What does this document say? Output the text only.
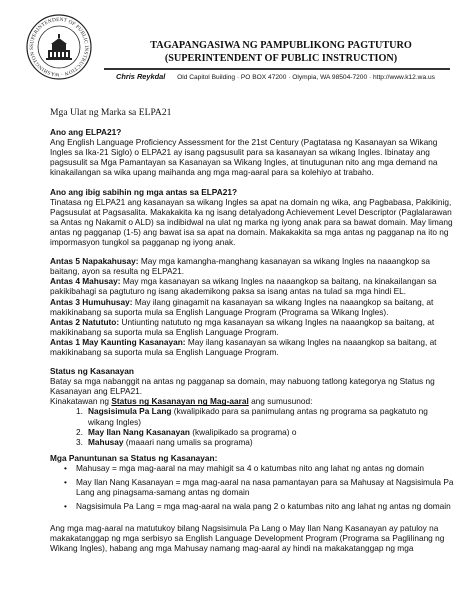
SUPERINTENDENT OF PUBLIC INSTRUCTION · WASHINGTON S	TAGAPANGASIWA NG PAMPUBLIKONG PAGTUTURO
(SUPERINTENDENT OF PUBLIC INSTRUCTION)
Chris Reykdal Old Capitol Building · PO BOX 47200 · Olympia, WA 98504-7200 · http://www.k12.wa.us
Mga Ulat ng Marka sa ELPA21
Ano ang ELPA21?

Ang English Language Proficiency Assessment for the 21st Century (Pagtatasa ng Kasanayan sa Wikang Ingles sa Ika-21 Siglo) o ELPA21 ay isang pagsusulit para sa kasanayan sa wikang Ingles. Ibinatay ang pagsusulit sa Mga Pamantayan sa Kasanayan sa Wikang Ingles, at tinutugunan nito ang mga demand na kinakailangan sa wika upang maihanda ang mga mag-aaral para sa kolehiyo at trabaho.

Ano ang ibig sabihin ng mga antas sa ELPA21?

Tinatasa ng ELPA21 ang kasanayan sa wikang Ingles sa apat na domain ng wika, ang Pagbabasa, Pakikinig, Pagsusulat at Pagsasalita. Makakakita ka ng isang detalyadong Achievement Level Descriptor (Paglalarawan sa Antas ng Nakamit o ALD) sa indibidwal na ulat ng marka ng iyong anak para sa bawat domain. May limang antas ng pagganap (1-5) ang bawat isa sa apat na domain. Makakakita sa mga antas ng pagganap na ito ng impormasyon tungkol sa pagganap ng iyong anak.

Antas 5 Napakahusay: May mga kamangha-manghang kasanayan sa wikang Ingles na naaangkop sa baitang, ayon sa resulta ng ELPA21.
Antas 4 Mahusay: May mga kasanayan sa wikang Ingles na naaangkop sa baitang, na kinakailangan sa pakikibahagi sa pagtuturo ng isang akademikong paksa sa isang antas na tulad sa mga hindi EL.
Antas 3 Humuhusay: May ilang ginagamit na kasanayan sa wikang Ingles na naaangkop sa baitang, at makikinabang sa suporta mula sa English Language Program (Programa sa Wikang Ingles).
Antas 2 Natututo: Untiunting natututo ng mga kasanayan sa wikang Ingles na naaangkop sa baitang, at makikinabang sa suporta mula sa English Language Program.
Antas 1 May Kaunting Kasanayan: May ilang kasanayan sa wikang Ingles na naaangkop sa baitang, at makikinabang sa suporta mula sa English Language Program.
Status ng Kasanayan
Batay sa mga nabanggit na antas ng pagganap sa domain, may nabuong tatlong kategorya ng Status ng Kasanayan ang ELPA21.
Kinakatawan ng Status ng Kasanayan ng Mag-aaral ang sumusunod:
1. Nagsisimula Pa Lang (kwalipikado para sa panimulang antas ng programa sa pagkatuto ng wikang Ingles)
2. May Ilan Nang Kasanayan (kwalipikado sa programa) o
3. Mahusay (maaari nang umalis sa programa)
Mga Panuntunan sa Status ng Kasanayan:
• Mahusay = mga mag-aaral na may mahigit sa 4 o katumbas nito ang lahat ng antas ng domain
• May Ilan Nang Kasanayan = mga mag-aaral na nasa pamantayan para sa Mahusay at Nagsisimula Pa Lang ang pinagsama-samang antas ng domain
• Nagsisimula Pa Lang = mga mag-aaral na wala pang 2 o katumbas nito ang lahat ng antas ng domain

Ang mga mag-aaral na matutukoy bilang Nagsisimula Pa Lang o May Ilan Nang Kasanayan ay patuloy na makakatanggap ng mga serbisyo sa English Language Development Program (Programa sa Paglilinang ng Wikang Ingles), habang ang mga Mahusay namang mag-aaral ay hindi na makakatanggap ng mga
